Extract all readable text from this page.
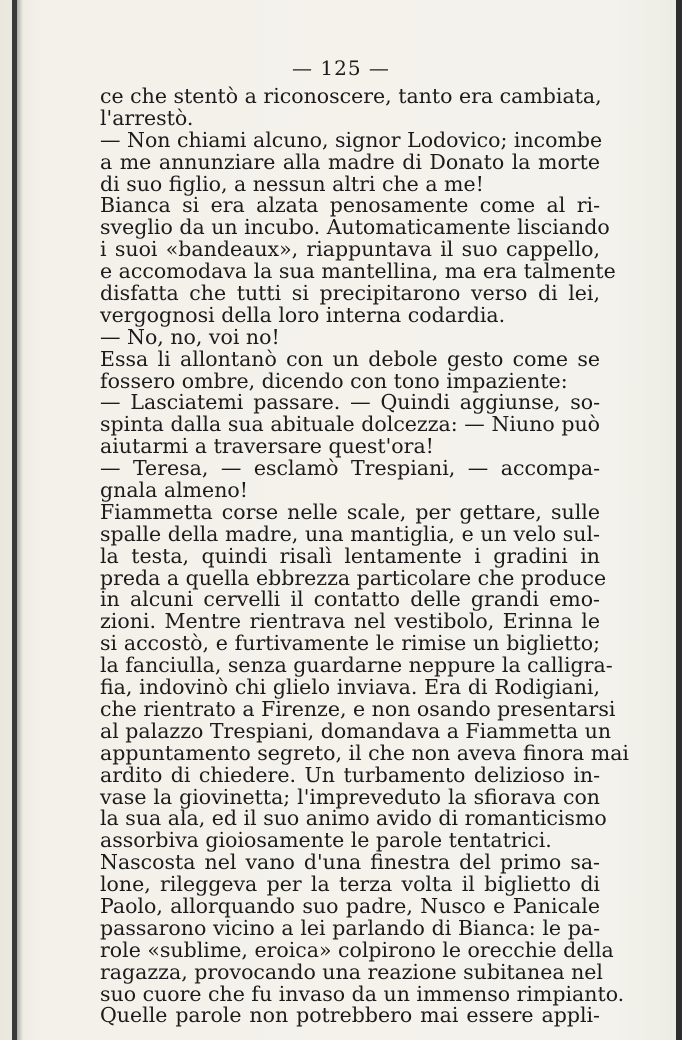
— 125 —
ce che stentò a riconoscere, tanto era cambiata,
l'arrestò.
— Non chiami alcuno, signor Lodovico; incombe
a me annunziare alla madre di Donato la morte
di suo figlio, a nessun altri che a me!
Bianca si era alzata penosamente come al ri-
sveglio da un incubo. Automaticamente lisciando
i suoi «bandeaux», riappuntava il suo cappello,
e accomodava la sua mantellina, ma era talmente
disfatta che tutti si precipitarono verso di lei,
vergognosi della loro interna codardia.
— No, no, voi no!
Essa li allontanò con un debole gesto come se
fossero ombre, dicendo con tono impaziente:
— Lasciatemi passare. — Quindi aggiunse, so-
spinta dalla sua abituale dolcezza: — Niuno può
aiutarmi a traversare quest'ora!
— Teresa, — esclamò Trespiani, — accompa-
gnala almeno!
Fiammetta corse nelle scale, per gettare, sulle
spalle della madre, una mantiglia, e un velo sul-
la testa, quindi risalì lentamente i gradini in
preda a quella ebbrezza particolare che produce
in alcuni cervelli il contatto delle grandi emo-
zioni. Mentre rientrava nel vestibolo, Erinna le
si accostò, e furtivamente le rimise un biglietto;
la fanciulla, senza guardarne neppure la calligra-
fia, indovinò chi glielo inviava. Era di Rodigiani,
che rientrato a Firenze, e non osando presentarsi
al palazzo Trespiani, domandava a Fiammetta un
appuntamento segreto, il che non aveva finora mai
ardito di chiedere. Un turbamento delizioso in-
vase la giovinetta; l'impreveduto la sfiorava con
la sua ala, ed il suo animo avido di romanticismo
assorbiva gioiosamente le parole tentatrici.
Nascosta nel vano d'una finestra del primo sa-
lone, rileggeva per la terza volta il biglietto di
Paolo, allorquando suo padre, Nusco e Panicale
passarono vicino a lei parlando di Bianca: le pa-
role «sublime, eroica» colpirono le orecchie della
ragazza, provocando una reazione subitanea nel
suo cuore che fu invaso da un immenso rimpianto.
Quelle parole non potrebbero mai essere appli-
